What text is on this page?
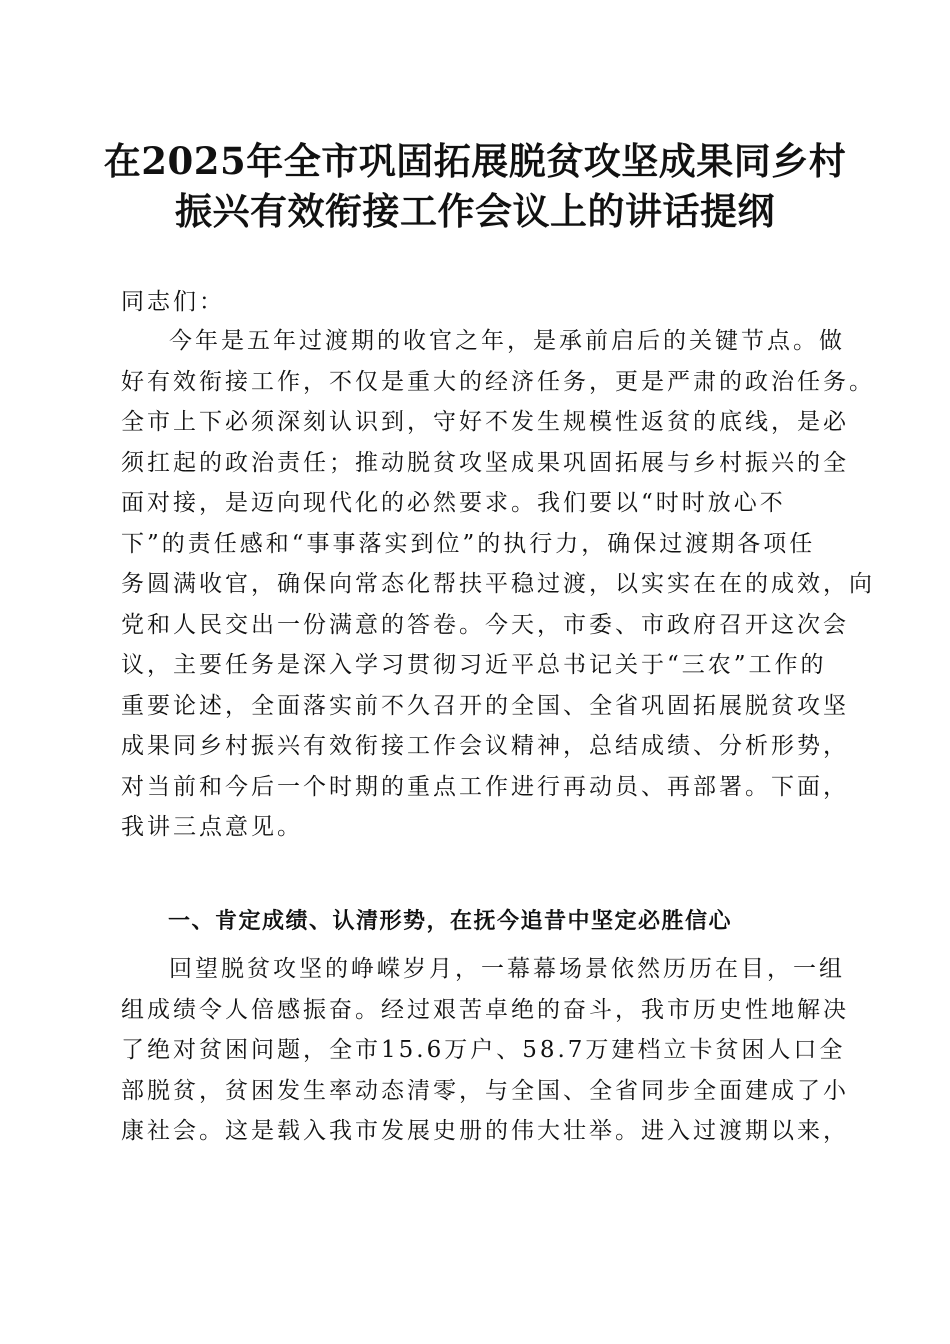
在2025年全市巩固拓展脱贫攻坚成果同乡村
振兴有效衔接工作会议上的讲话提纲

同志们：

今年是五年过渡期的收官之年，是承前启后的关键节点。做
好有效衔接工作，不仅是重大的经济任务，更是严肃的政治任务。
全市上下必须深刻认识到，守好不发生规模性返贫的底线，是必
须扛起的政治责任；推动脱贫攻坚成果巩固拓展与乡村振兴的全
面对接，是迈向现代化的必然要求。我们要以“时时放心不
下”的责任感和“事事落实到位”的执行力，确保过渡期各项任
务圆满收官，确保向常态化帮扶平稳过渡，以实实在在的成效，向
党和人民交出一份满意的答卷。今天，市委、市政府召开这次会
议，主要任务是深入学习贯彻习近平总书记关于“三农”工作的
重要论述，全面落实前不久召开的全国、全省巩固拓展脱贫攻坚
成果同乡村振兴有效衔接工作会议精神，总结成绩、分析形势，
对当前和今后一个时期的重点工作进行再动员、再部署。下面，
我讲三点意见。
一、肯定成绩、认清形势，在抚今追昔中坚定必胜信心
回望脱贫攻坚的峥嵘岁月，一幕幕场景依然历历在目，一组
组成绩令人倍感振奋。经过艰苦卓绝的奋斗，我市历史性地解决
了绝对贫困问题，全市15.6万户、58.7万建档立卡贫困人口全
部脱贫，贫困发生率动态清零，与全国、全省同步全面建成了小
康社会。这是载入我市发展史册的伟大壮举。进入过渡期以来，
